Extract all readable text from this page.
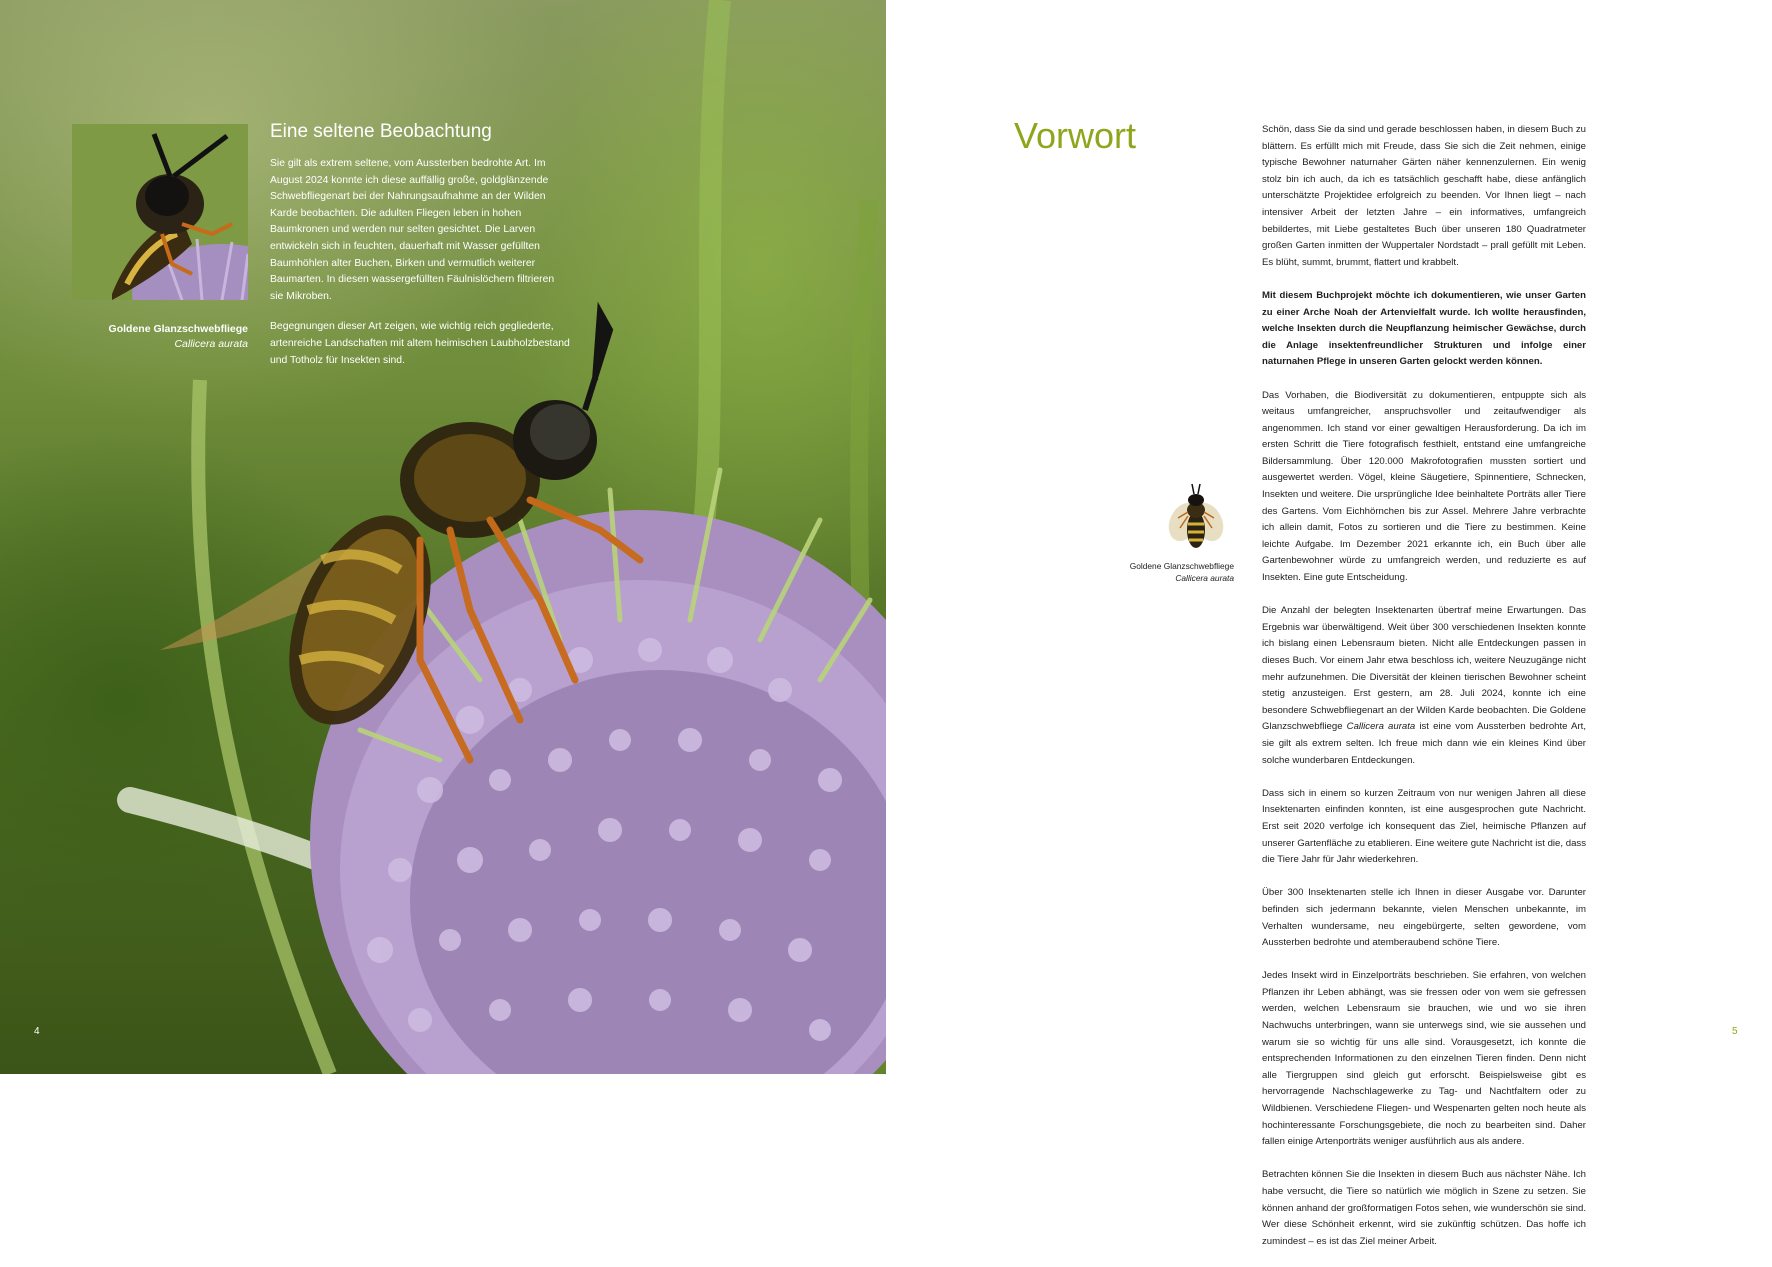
Goldene Glanzschwebfliege
Callicera aurata
Eine seltene Beobachtung

Sie gilt als extrem seltene, vom Aussterben bedrohte Art. Im August 2024 konnte ich diese auffällig große, goldglänzende Schwebfliegenart bei der Nahrungsaufnahme an der Wilden Karde beobachten. Die adulten Fliegen leben in hohen Baumkronen und werden nur selten gesichtet. Die Larven entwickeln sich in feuchten, dauerhaft mit Wasser gefüllten Baumhöhlen alter Buchen, Birken und vermutlich weiterer Baumarten. In diesen wassergefüllten Fäulnislöchern filtrieren sie Mikroben.

Begegnungen dieser Art zeigen, wie wichtig reich gegliederte, artenreiche Landschaften mit altem heimischen Laubholzbestand und Totholz für Insekten sind.

4
Vorwort
Goldene Glanzschwebfliege
Callicera aurata

Schön, dass Sie da sind und gerade beschlossen haben, in diesem Buch zu blättern. Es erfüllt mich mit Freude, dass Sie sich die Zeit nehmen, einige typische Bewohner naturnaher Gärten näher kennenzulernen. Ein wenig stolz bin ich auch, da ich es tatsächlich geschafft habe, diese anfänglich unterschätzte Projektidee erfolgreich zu beenden. Vor Ihnen liegt – nach intensiver Arbeit der letzten Jahre – ein informatives, umfangreich bebildertes, mit Liebe gestaltetes Buch über unseren 180 Quadratmeter großen Garten inmitten der Wuppertaler Nordstadt – prall gefüllt mit Leben. Es blüht, summt, brummt, flattert und krabbelt.

Mit diesem Buchprojekt möchte ich dokumentieren, wie unser Garten zu einer Arche Noah der Artenvielfalt wurde. Ich wollte herausfinden, welche Insekten durch die Neupflanzung heimischer Gewächse, durch die Anlage insektenfreundlicher Strukturen und infolge einer naturnahen Pflege in unseren Garten gelockt werden können.

Das Vorhaben, die Biodiversität zu dokumentieren, entpuppte sich als weitaus umfangreicher, anspruchsvoller und zeitaufwendiger als angenommen. Ich stand vor einer gewaltigen Herausforderung. Da ich im ersten Schritt die Tiere fotografisch festhielt, entstand eine umfangreiche Bildersammlung. Über 120.000 Makrofotografien mussten sortiert und ausgewertet werden. Vögel, kleine Säugetiere, Spinnentiere, Schnecken, Insekten und weitere. Die ursprüngliche Idee beinhaltete Porträts aller Tiere des Gartens. Vom Eichhörnchen bis zur Assel. Mehrere Jahre verbrachte ich allein damit, Fotos zu sortieren und die Tiere zu bestimmen. Keine leichte Aufgabe. Im Dezember 2021 erkannte ich, ein Buch über alle Gartenbewohner würde zu umfangreich werden, und reduzierte es auf Insekten. Eine gute Entscheidung.

Die Anzahl der belegten Insektenarten übertraf meine Erwartungen. Das Ergebnis war überwältigend. Weit über 300 verschiedenen Insekten konnte ich bislang einen Lebensraum bieten. Nicht alle Entdeckungen passen in dieses Buch. Vor einem Jahr etwa beschloss ich, weitere Neuzugänge nicht mehr aufzunehmen. Die Diversität der kleinen tierischen Bewohner scheint stetig anzusteigen. Erst gestern, am 28. Juli 2024, konnte ich eine besondere Schwebfliegenart an der Wilden Karde beobachten. Die Goldene Glanzschwebfliege Callicera aurata ist eine vom Aussterben bedrohte Art, sie gilt als extrem selten. Ich freue mich dann wie ein kleines Kind über solche wunderbaren Entdeckungen.

Dass sich in einem so kurzen Zeitraum von nur wenigen Jahren all diese Insektenarten einfinden konnten, ist eine ausgesprochen gute Nachricht. Erst seit 2020 verfolge ich konsequent das Ziel, heimische Pflanzen auf unserer Gartenfläche zu etablieren. Eine weitere gute Nachricht ist die, dass die Tiere Jahr für Jahr wiederkehren.

Über 300 Insektenarten stelle ich Ihnen in dieser Ausgabe vor. Darunter befinden sich jedermann bekannte, vielen Menschen unbekannte, im Verhalten wundersame, neu eingebürgerte, selten gewordene, vom Aussterben bedrohte und atemberaubend schöne Tiere.

Jedes Insekt wird in Einzelporträts beschrieben. Sie erfahren, von welchen Pflanzen ihr Leben abhängt, was sie fressen oder von wem sie gefressen werden, welchen Lebensraum sie brauchen, wie und wo sie ihren Nachwuchs unterbringen, wann sie unterwegs sind, wie sie aussehen und warum sie so wichtig für uns alle sind. Vorausgesetzt, ich konnte die entsprechenden Informationen zu den einzelnen Tieren finden. Denn nicht alle Tiergruppen sind gleich gut erforscht. Beispielsweise gibt es hervorragende Nachschlagewerke zu Tag- und Nachtfaltern oder zu Wildbienen. Verschiedene Fliegen- und Wespenarten gelten noch heute als hochinteressante Forschungsgebiete, die noch zu bearbeiten sind. Daher fallen einige Artenporträts weniger ausführlich aus als andere.

Betrachten können Sie die Insekten in diesem Buch aus nächster Nähe. Ich habe versucht, die Tiere so natürlich wie möglich in Szene zu setzen. Sie können anhand der großformatigen Fotos sehen, wie wunderschön sie sind. Wer diese Schönheit erkennt, wird sie zukünftig schützen. Das hoffe ich zumindest – es ist das Ziel meiner Arbeit.

5
